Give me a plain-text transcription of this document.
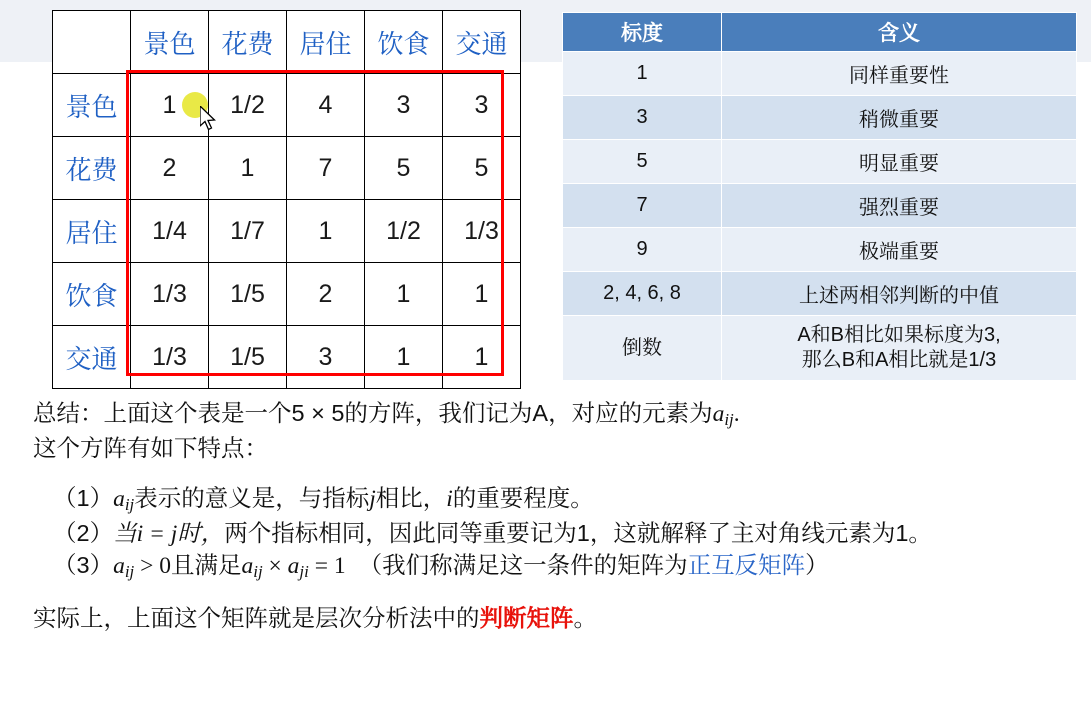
	景色	花费	居住	饮食	交通
景色	1	1/2	4	3	3
花费	2	1	7	5	5
居住	1/4	1/7	1	1/2	1/3
饮食	1/3	1/5	2	1	1
交通	1/3	1/5	3	1	1
标度	含义
1	同样重要性
3	稍微重要
5	明显重要
7	强烈重要
9	极端重要
2, 4, 6, 8	上述两相邻判断的中值
倒数	A和B相比如果标度为3,
那么B和A相比就是1/3
总结：上面这个表是一个5 × 5的方阵，我们记为A，对应的元素为$a_{ij}$.
这个方阵有如下特点：
$(1)a_{ij}$表示的意义是，与指标j相比，i的重要程度。
（2）当i = j时，两个指标相同，因此同等重要记为1，这就解释了主对角线元素为1。
$(3)a_{ij} > 0$且满足$a_{ij} \times a_{ji} = 1$ （我们称满足这一条件的矩阵为正互反矩阵）
实际上，上面这个矩阵就是层次分析法中的判断矩阵。
